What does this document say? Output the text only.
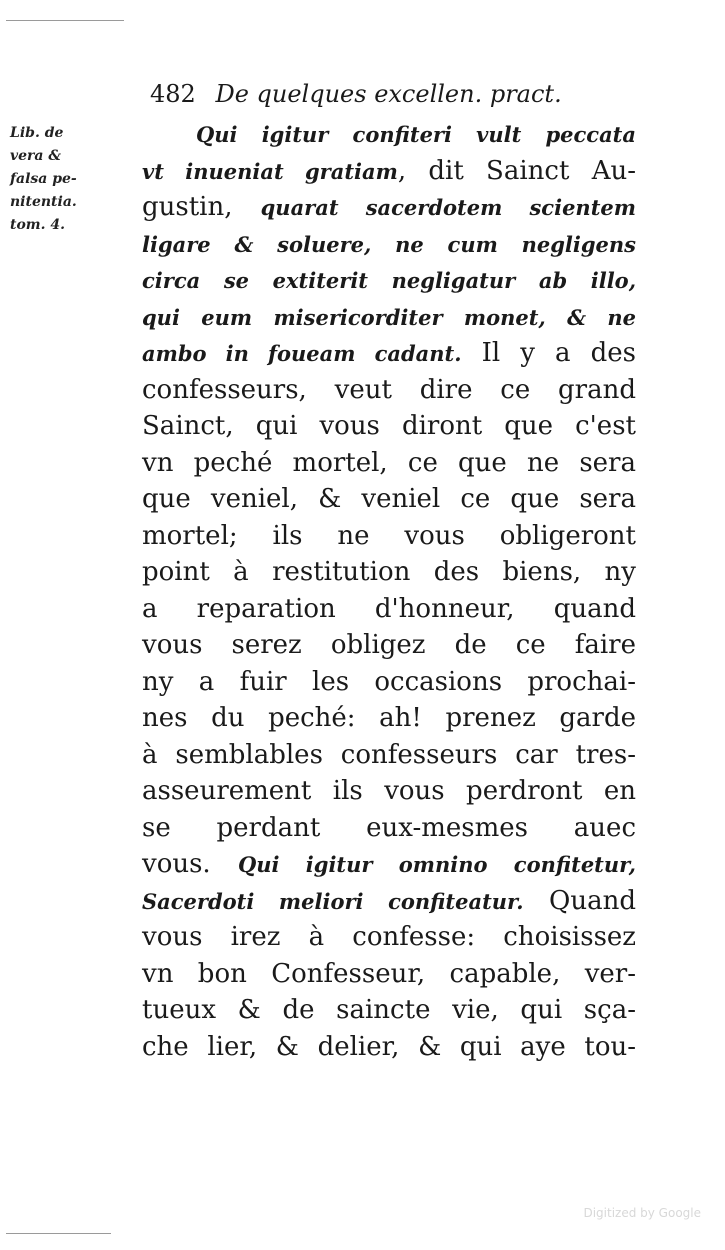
482 De quelques excellen. pract.
Lib. de
vera &
falsa pe-
nitentia.
tom. 4.
Qui igitur confiteri vult peccata
vt inueniat gratiam, dit Sainct Au-
gustin, quarat sacerdotem scientem
ligare & soluere, ne cum negligens
circa se extiterit negligatur ab illo,
qui eum misericorditer monet, & ne
ambo in foueam cadant. Il y a des
confesseurs, veut dire ce grand
Sainct, qui vous diront que c'est
vn peché mortel, ce que ne sera
que veniel, & veniel ce que sera
mortel; ils ne vous obligeront
point à restitution des biens, ny
a reparation d'honneur, quand
vous serez obligez de ce faire
ny a fuir les occasions prochai-
nes du peché: ah! prenez garde
à semblables confesseurs car tres-
asseurement ils vous perdront en
se perdant eux-mesmes auec
vous. Qui igitur omnino confitetur,
Sacerdoti meliori confiteatur. Quand
vous irez à confesse: choisissez
vn bon Confesseur, capable, ver-
tueux & de saincte vie, qui sça-
che lier, & delier, & qui aye tou-
Digitized by Google
